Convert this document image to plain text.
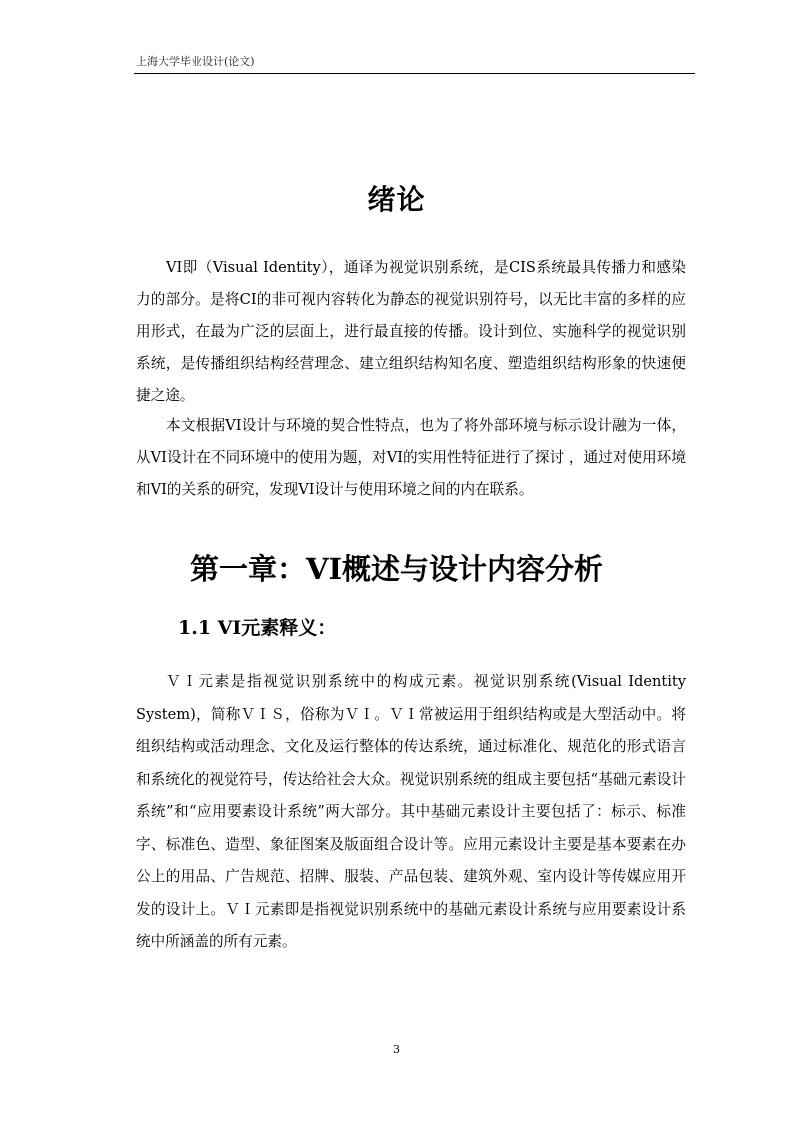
上海大学毕业设计(论文)
绪论

VI即（Visual Identity），通译为视觉识别系统，是CIS系统最具传播力和感染力的部分。是将CI的非可视内容转化为静态的视觉识别符号，以无比丰富的多样的应用形式，在最为广泛的层面上，进行最直接的传播。设计到位、实施科学的视觉识别系统，是传播组织结构经营理念、建立组织结构知名度、塑造组织结构形象的快速便捷之途。

本文根据VI设计与环境的契合性特点，也为了将外部环境与标示设计融为一体，从VI设计在不同环境中的使用为题，对VI的实用性特征进行了探讨 ，通过对使用环境和VI的关系的研究，发现VI设计与使用环境之间的内在联系。

第一章：VI概述与设计内容分析
1.1 VI元素释义：

ＶＩ元素是指视觉识别系统中的构成元素。视觉识别系统(Visual Identity System)，简称ＶＩＳ，俗称为ＶＩ。ＶＩ常被运用于组织结构或是大型活动中。将组织结构或活动理念、文化及运行整体的传达系统，通过标准化、规范化的形式语言和系统化的视觉符号，传达给社会大众。视觉识别系统的组成主要包括“基础元素设计系统”和“应用要素设计系统”两大部分。其中基础元素设计主要包括了：标示、标准字、标准色、造型、象征图案及版面组合设计等。应用元素设计主要是基本要素在办公上的用品、广告规范、招牌、服装、产品包装、建筑外观、室内设计等传媒应用开发的设计上。ＶＩ元素即是指视觉识别系统中的基础元素设计系统与应用要素设计系统中所涵盖的所有元素。

3
